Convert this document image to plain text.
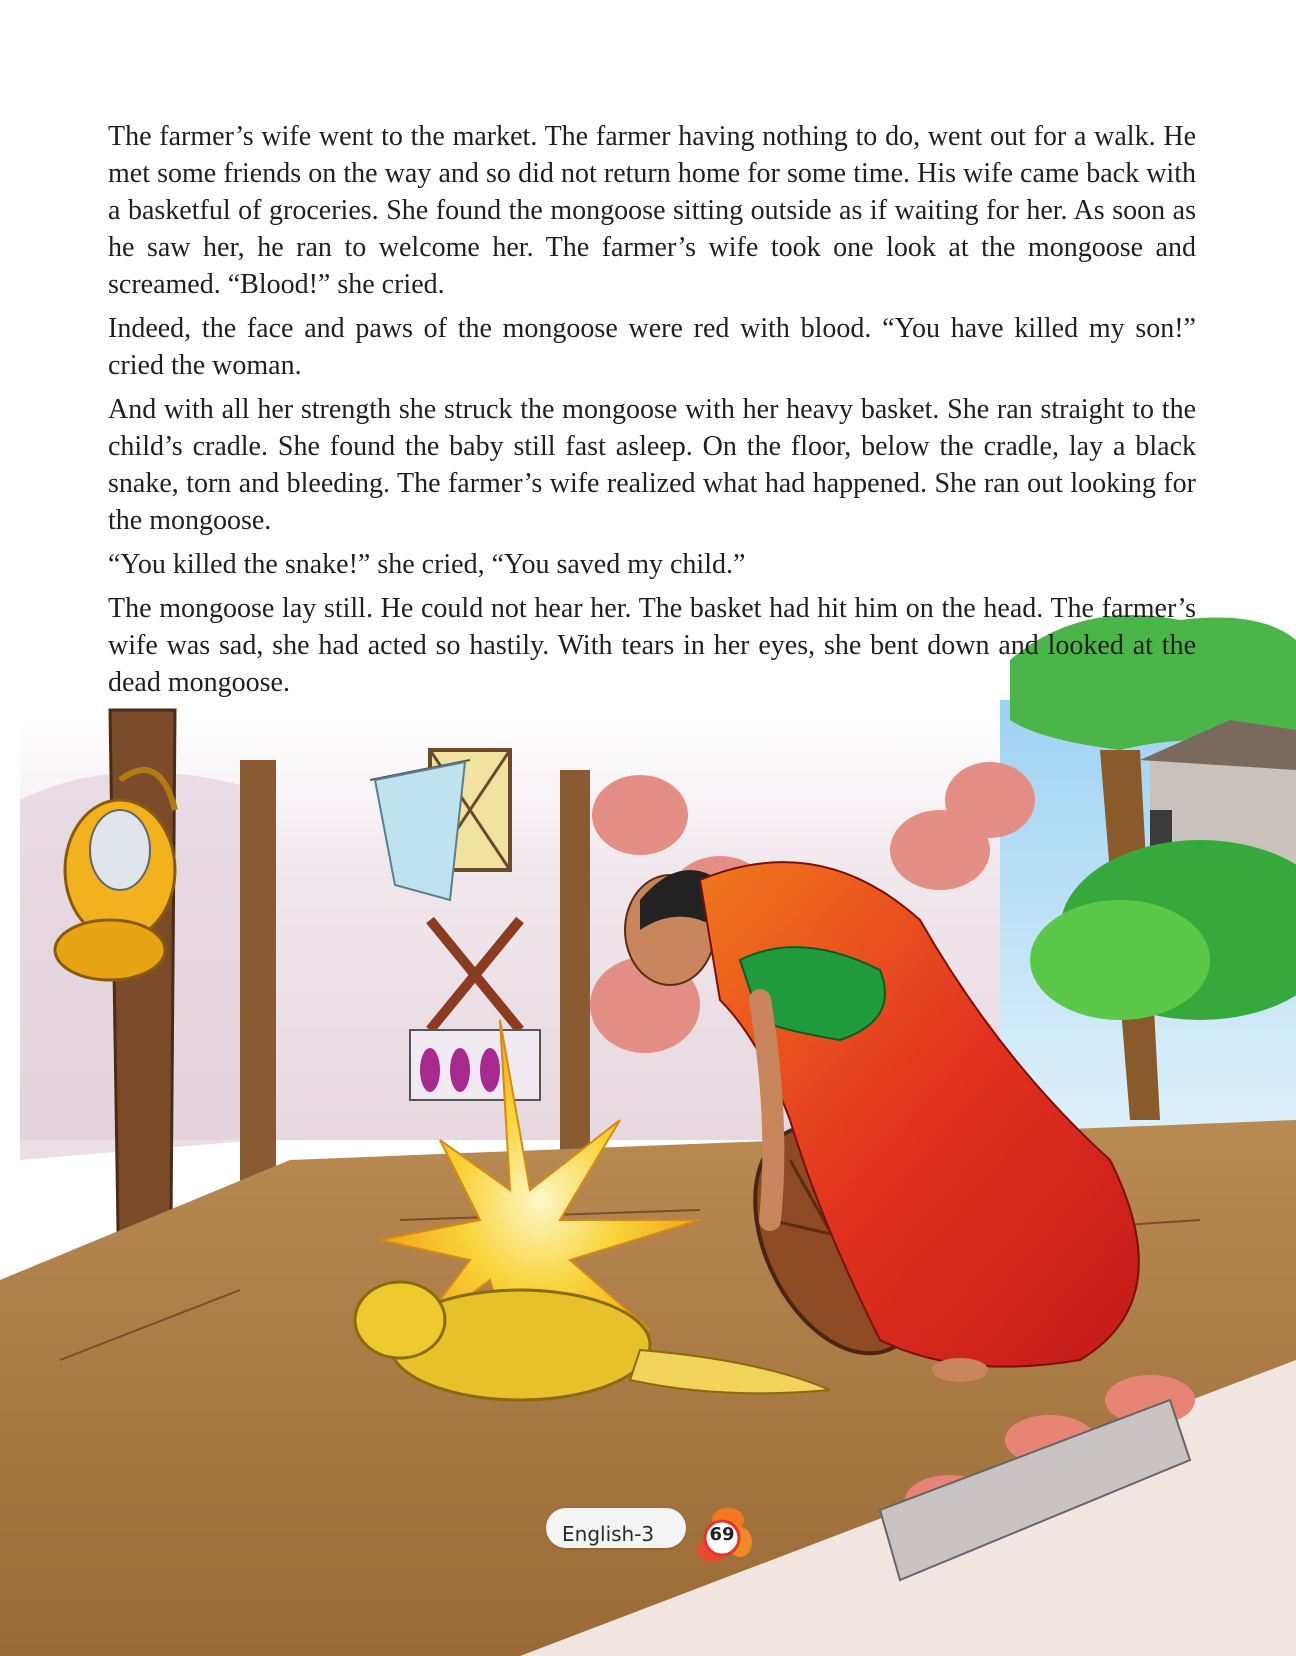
The farmer’s wife went to the market. The farmer having nothing to do, went out for a walk. He met some friends on the way and so did not return home for some time. His wife came back with a basketful of groceries. She found the mongoose sitting outside as if waiting for her. As soon as he saw her, he ran to welcome her. The farmer’s wife took one look at the mongoose and screamed. “Blood!” she cried.

Indeed, the face and paws of the mongoose were red with blood. “You have killed my son!” cried the woman.

And with all her strength she struck the mongoose with her heavy basket. She ran straight to the child’s cradle. She found the baby still fast asleep. On the floor, below the cradle, lay a black snake, torn and bleeding. The farmer’s wife realized what had happened. She ran out looking for the mongoose.

“You killed the snake!” she cried, “You saved my child.”

The mongoose lay still. He could not hear her. The basket had hit him on the head. The farmer’s wife was sad, she had acted so hastily. With tears in her eyes, she bent down and looked at the dead mongoose.

English-3	69
